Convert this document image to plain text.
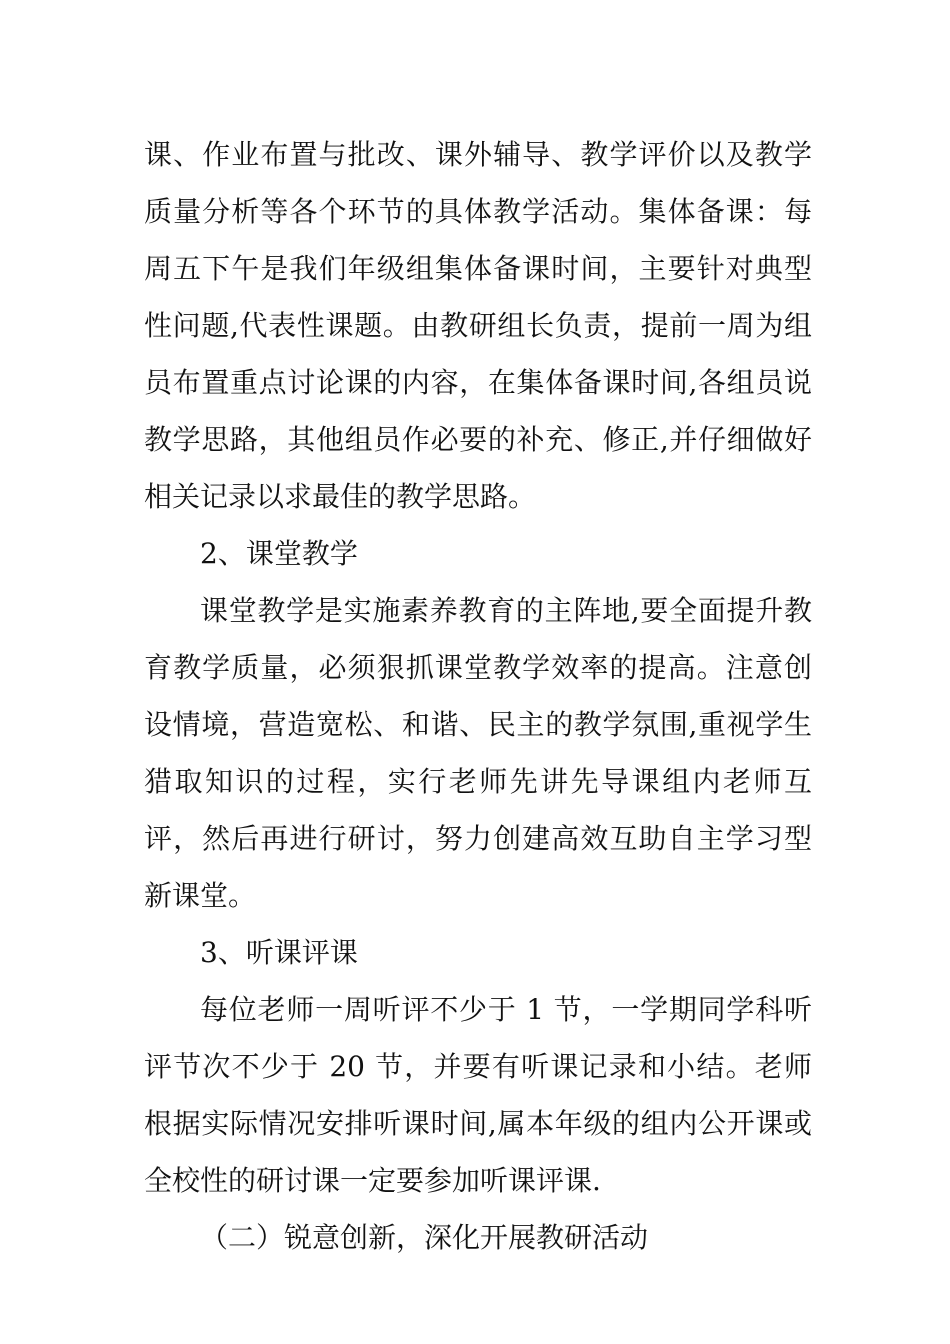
课、作业布置与批改、课外辅导、教学评价以及教学质量分析等各个环节的具体教学活动。集体备课：每周五下午是我们年级组集体备课时间，主要针对典型性问题,代表性课题。由教研组长负责，提前一周为组员布置重点讨论课的内容，在集体备课时间,各组员说教学思路，其他组员作必要的补充、修正,并仔细做好相关记录以求最佳的教学思路。

2、课堂教学

课堂教学是实施素养教育的主阵地,要全面提升教育教学质量，必须狠抓课堂教学效率的提高。注意创设情境，营造宽松、和谐、民主的教学氛围,重视学生猎取知识的过程，实行老师先讲先导课组内老师互评，然后再进行研讨，努力创建高效互助自主学习型新课堂。

3、听课评课

每位老师一周听评不少于 1 节，一学期同学科听评节次不少于 20 节，并要有听课记录和小结。老师根据实际情况安排听课时间,属本年级的组内公开课或全校性的研讨课一定要参加听课评课.

（二）锐意创新，深化开展教研活动
